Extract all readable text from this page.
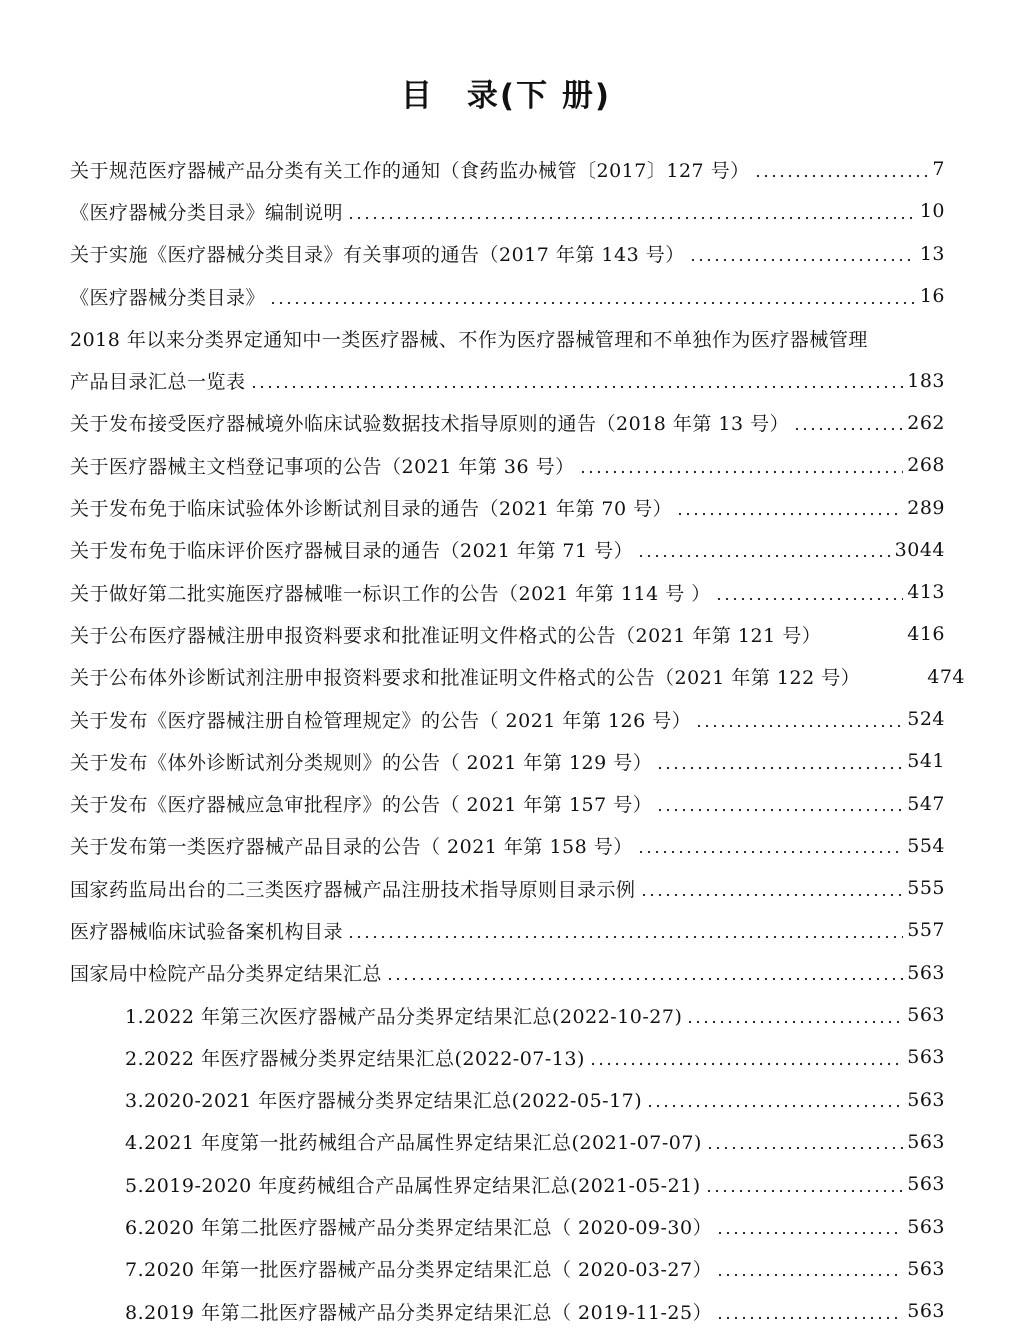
目　录(下 册)
关于规范医疗器械产品分类有关工作的通知（食药监办械管〔2017〕127 号）	7
《医疗器械分类目录》编制说明	10
关于实施《医疗器械分类目录》有关事项的通告（2017 年第 143 号）	13
《医疗器械分类目录》	16
2018 年以来分类界定通知中一类医疗器械、不作为医疗器械管理和不单独作为医疗器械管理
产品目录汇总一览表	183
关于发布接受医疗器械境外临床试验数据技术指导原则的通告（2018 年第 13 号）	262
关于医疗器械主文档登记事项的公告（2021 年第 36 号）	268
关于发布免于临床试验体外诊断试剂目录的通告（2021 年第 70 号）	289
关于发布免于临床评价医疗器械目录的通告（2021 年第 71 号）	3044
关于做好第二批实施医疗器械唯一标识工作的公告（2021 年第 114 号 ）	413
关于公布医疗器械注册申报资料要求和批准证明文件格式的公告（2021 年第 121 号）	416
关于公布体外诊断试剂注册申报资料要求和批准证明文件格式的公告（2021 年第 122 号）	474
关于发布《医疗器械注册自检管理规定》的公告（ 2021 年第 126 号）	524
关于发布《体外诊断试剂分类规则》的公告（ 2021 年第 129 号）	541
关于发布《医疗器械应急审批程序》的公告（ 2021 年第 157 号）	547
关于发布第一类医疗器械产品目录的公告（ 2021 年第 158 号）	554
国家药监局出台的二三类医疗器械产品注册技术指导原则目录示例	555
医疗器械临床试验备案机构目录	557
国家局中检院产品分类界定结果汇总	563
1.2022 年第三次医疗器械产品分类界定结果汇总(2022-10-27)	563
2.2022 年医疗器械分类界定结果汇总(2022-07-13)	563
3.2020-2021 年医疗器械分类界定结果汇总(2022-05-17)	563
4.2021 年度第一批药械组合产品属性界定结果汇总(2021-07-07)	563
5.2019-2020 年度药械组合产品属性界定结果汇总(2021-05-21)	563
6.2020 年第二批医疗器械产品分类界定结果汇总（ 2020-09-30）	563
7.2020 年第一批医疗器械产品分类界定结果汇总（ 2020-03-27）	563
8.2019 年第二批医疗器械产品分类界定结果汇总（ 2019-11-25）	563
